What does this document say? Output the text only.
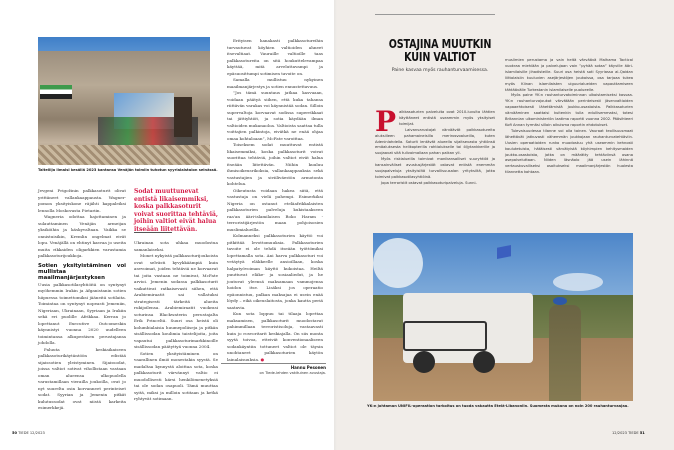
Taiteilija ilmaisi kesällä 2023 kantansa Venäjän toimiin tuhotun syyrialaistalon seinässä.

Jevgeni Prigožinin palkkasoturit olivat yrittäneet vallankaappausta. Wagner-pomon yksityiskone räjähti kappaleiksi lennolla Moskovasta Pietariin.

Wagneria odottaa hajottaminen ja sulauttaminen Venäjän armeijan yksiköihin ja käskyvaltaan. Vaikka se onnistuisikin, Kremlin ongelmat eivät lopu. Venäjällä on ehtinyt kasvaa jo useita muita rikkaiden oligarkkien varustamia palkkasoturijoukkoja.

Sotien yksityistäminen voi mullistaa maailmanjärjestyksen

Uusia palkkasotilasyhtiöitä on syntynyt myöhemmin Irakin ja Afganistanin sotien hiipuessa toimettomiksi jääneitä sotilaita. Toimintaa on syntynyt nopeasti Jemeniin, Nigeriaan, Ukrainaan, Syyriaan ja Irakiin sekä eri puolille Afrikkaa. Kerran jo lopettanut Executive Outcomeskin käynnistyi vuonna 2020 uudelleen toimintansa alkuperäisen perustajansa johdolla.

Paluuta keskiaikaiseen palkkasoturikäytäntöön edistää sijaissotien yleistyminen. Sijaissodat, joissa valtiot sotivat vihollistaan vastaan oman alueensa ulkopuolella varustamillaan vierailla joukoilla, ovat jo nyt suurelta osin korvanneet perinteiset sodat. Syyrian ja Jemenin pitkät kulutussodat ovat niistä karkeita esimerkkejä.

Sodat muuttunevat entistä likaisemmiksi, koska palkkasoturit voivat suorittaa tehtäviä, joihin valtiot eivät halua itseään liitettävän.

Ukrainan sota uhkaa muodostua samanlaiseksi.

Monet nykyistä palkkasoturijoukoista ovat selvästi kyvykkäämpiä kuin asevoimat, joiden tehtäviä ne korvaavat tai joita vastaan ne toimivat, McFate arvioi. Jemenin sodassa palkkasoturit vaikuttivat ratkaisevasti siihen, että Arabiemiraatit sai vallatuksi strategisesti tärkeitä alueita rukijoilensa. Arabiemiraatit vuokrasi soturinsa Blackwaterin perustajalta Erik Princeltä. Suuri osa heistä oli kolumbialaisia huumepoliiseja ja pitkän sisällissodan koulimia taistelijoita, joita vapautui palkkasoturimarkkinoille sisällissodan päätyttyä vuonna 2004.

Sotien yksityistäminen on vaarallinen ilmiö monestakin syystä. Se madaltaa kynnystä aloittaa sota, koska palkkasoturit värvännyt valtio ei muodollisesti kärsi henkilömenetyksiä tai ole sodan osapuoli. Tämä muuttaa syitä, miksi ja milloin sotitaan ja ketkä ryhtyvät sotimaan.

Erityisen hanakasti palkkasotureihin turvautuvat köyhien valtioiden ahneet itsevaltiaat. Vauraille valtioille taas palkkasotureita on sitä houkuttelevampaa käyttää, mitä arveluttavampi ja epäsuosittumpi sotimisen tavoite on.

Samalla mullistuu nykyinen maailmanjärjestys ja sotien ennustettavuus.

”Jos tämä suuntaus jatkaa kasvuaan, voidaan päätyä siihen, että kuka tahansa riittävän varakas voi käynnistää sodan. Silloin supervaltoja korvaavat sodissa superrikkaat tai jättiyhtiöt, ja sotia käydään ilman valtioiden mukanaoloa. Valtioista saattaa tulla voittajien palkintoja, eivätkä ne enää ohjaa omaa kohtaloaan”, McFate varoittaa.

Toiseksem sodat muuttuvat entistä likaisemmiksi, koska palkkasoturit voivat suorittaa tehtäviä, joihin valtiot eivät halua itseään liitettävän. Niihin kuuluu ihmisoikeusrikoksia, vallankaappauksia sekä vastustajien ja siviiliväestön armotonta kohtelua.

Oikeutusta voidaan hakea siitä, että vastustaja on vielä pahempi. Esimerkiksi Nigeria on ostanut eteläafrikkalaisten palkkasoturien palveluja kukistaakseen raa'an ääri-islamilaisen Boko Haram -terroristijärjestön maan pohjoisosien muslimialueilla.

Kolmanneksi palkkasoturien käyttö voi pitkittää levottomuuksia. Palkkasoturien tavoite ei ole tehdä itseään työttömiksi lopettamalla sota. Ani harva palkkasoturi voi vetäytyä eläkkeelle ansioillaan, koska halpatyövoiman käyttö kukoistaa. Heiltä puuttuvat eläke- ja sosiaaliedut, ja he joutuvat yleensä maksamaan vammojensa hoidon itse. Lisäksi jos operaatio epäonnistuu, palkan maksajaa ei usein enää löydy – eikä oikeuslaitosta, jonka kautta periä saatavia.

Kun sota loppuu tai tilaaja lopettaa maksamisen, palkkasoturit muodostavat pahimmillaan terroristisoluja, vastaavasti kuin jo rosvoritarit keskiajalla. On siis monta syytä toivoa, etteivät konventionaaliseen sodankäyntiin tottuneet valtiot ole täysin unohtaneet palkkasoturien käytön lainalaisuuksia. ●

Hannu Pesonen
on Tiede-lehden vakituinen avustaja.
50 TIEDE 12/2023
OSTAJINA MUUTKIN KUIN VALTIOT
Paine kasvaa myös rauhanturvaamisessa.
P alkkasoturien palveluita ovat 2010-luvulta lähtien käyttäneet entistä useammin myös yksityiset toimijat.

Laivanvarustajat värväävät palkkasotureita aluksilleen pahamaineisilla merirosvoalueilla, kuten Adeninlahdella. Soturit lentävät alueella sijaitsevasta yhtiönsä emäaluksesta helikopterilla rahtialukselle tai öljytankkerille ja suojaavat sitä tulivoimallaan pahan paikan yli.

Myös riskialueilla toimivat monikansalliset suuryhtiöt ja kansainväliset avustusjärjestöt ostavat entistä enemmän suojapalveluja yksityisiltä turvallisuusalan yrityksiltä, jotka toimivat palkkasotilasyhtiöinä.

Jopa terroristit ostavat palkkasoturipalveluja. Sunni-

muslimien perustama ja vain heitä värväävä Malhama Tactical vuokraa miehiään ja palvelujaan vain ”pyhää sotaa” käyville ääri-islamilaisille jihadisteille. Suuri osa heistä soti Syyriassa al-Qaidan liittolaisiin kuuluvien asejärjestöjen joukoissa, osa tarjoaa tukea myös Kiinan islamilaisten uiguurialueiden vapauttamiseen tähtäävälle Turkestanin islamilaiselle puolueelle.

Myös paine YK:n rauhanturvatoiminnan ulkoistamiseksi kasvaa. YK:n rauhanturvajoukot värvätään perinteisesti jäsenvaltioiden vapaaehtoisesti lähettämistä joukko-osastoista. Palkkasoturien värvääminen saattaisi kuitenkin tulla edullisemmaksi, totesi Britannian ulkoministeriön laatima raportti vuonna 2002. Pääsihteeri Kofi Annan tyrmäsi silloin aikuisma raportin ehdotukset.

Tulevaisuudessa tilanne voi olla toinen. Vauraat teollisuusmaat lähettävät jatkuvasti vähemmän joukkojaan rauhanturvatehtäviin. Uusien operaatioiden runko muodostuu yhä useammin kehnosti koulutetuista, hätäisesti värvätyistä köyhimpien kehitysmaiden joukko-osastoista, jotka on määrätty tehtäviinsä osana asepalveluttaan. Niiden läsnäolo jää usein lähinnä vertauskuvalliseksi osoitukseksi maailmanjärjestön huolesta tilannetta kohtaan.

YK:n johtaman UNIFIL-operaation tarkoitus on tuoda vakautta Etelä-Libanoniin. Suomesta mukana on noin 200 rauhanturvaajaa.
12/2023 TIEDE 51
